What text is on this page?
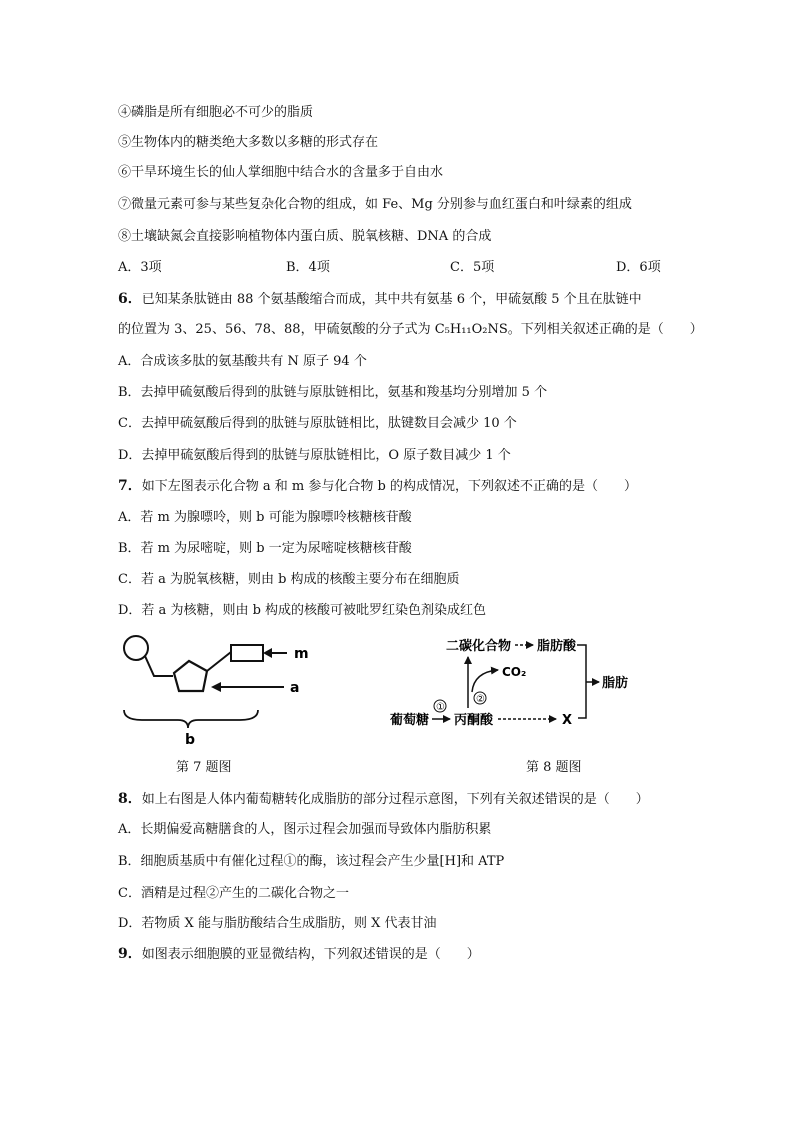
④磷脂是所有细胞必不可少的脂质
⑤生物体内的糖类绝大多数以多糖的形式存在
⑥干旱环境生长的仙人掌细胞中结合水的含量多于自由水
⑦微量元素可参与某些复杂化合物的组成，如 Fe、Mg 分别参与血红蛋白和叶绿素的组成
⑧土壤缺氮会直接影响植物体内蛋白质、脱氧核糖、DNA 的合成
A．3项	B．4项	C．5项	D．6项
6．已知某条肽链由 88 个氨基酸缩合而成，其中共有氨基 6 个，甲硫氨酸 5 个且在肽链中
的位置为 3、25、56、78、88，甲硫氨酸的分子式为 C₅H₁₁O₂NS。下列相关叙述正确的是（　　）
A．合成该多肽的氨基酸共有 N 原子 94 个
B．去掉甲硫氨酸后得到的肽链与原肽链相比，氨基和羧基均分别增加 5 个
C．去掉甲硫氨酸后得到的肽链与原肽链相比，肽键数目会减少 10 个
D．去掉甲硫氨酸后得到的肽链与原肽链相比，O 原子数目减少 1 个
7．如下左图表示化合物 a 和 m 参与化合物 b 的构成情况，下列叙述不正确的是（　　）
A．若 m 为腺嘌呤，则 b 可能为腺嘌呤核糖核苷酸
B．若 m 为尿嘧啶，则 b 一定为尿嘧啶核糖核苷酸
C．若 a 为脱氧核糖，则由 b 构成的核酸主要分布在细胞质
D．若 a 为核糖，则由 b 构成的核酸可被吡罗红染色剂染成红色
m
a
b
第 7 题图
二碳化合物 脂肪酸
脂肪
CO₂
②
葡萄糖
①
丙酮酸	X
第 8 题图
8．如上右图是人体内葡萄糖转化成脂肪的部分过程示意图，下列有关叙述错误的是（　　）
A．长期偏爱高糖膳食的人，图示过程会加强而导致体内脂肪积累
B．细胞质基质中有催化过程①的酶，该过程会产生少量[H]和 ATP
C．酒精是过程②产生的二碳化合物之一
D．若物质 X 能与脂肪酸结合生成脂肪，则 X 代表甘油
9．如图表示细胞膜的亚显微结构，下列叙述错误的是（　　）
